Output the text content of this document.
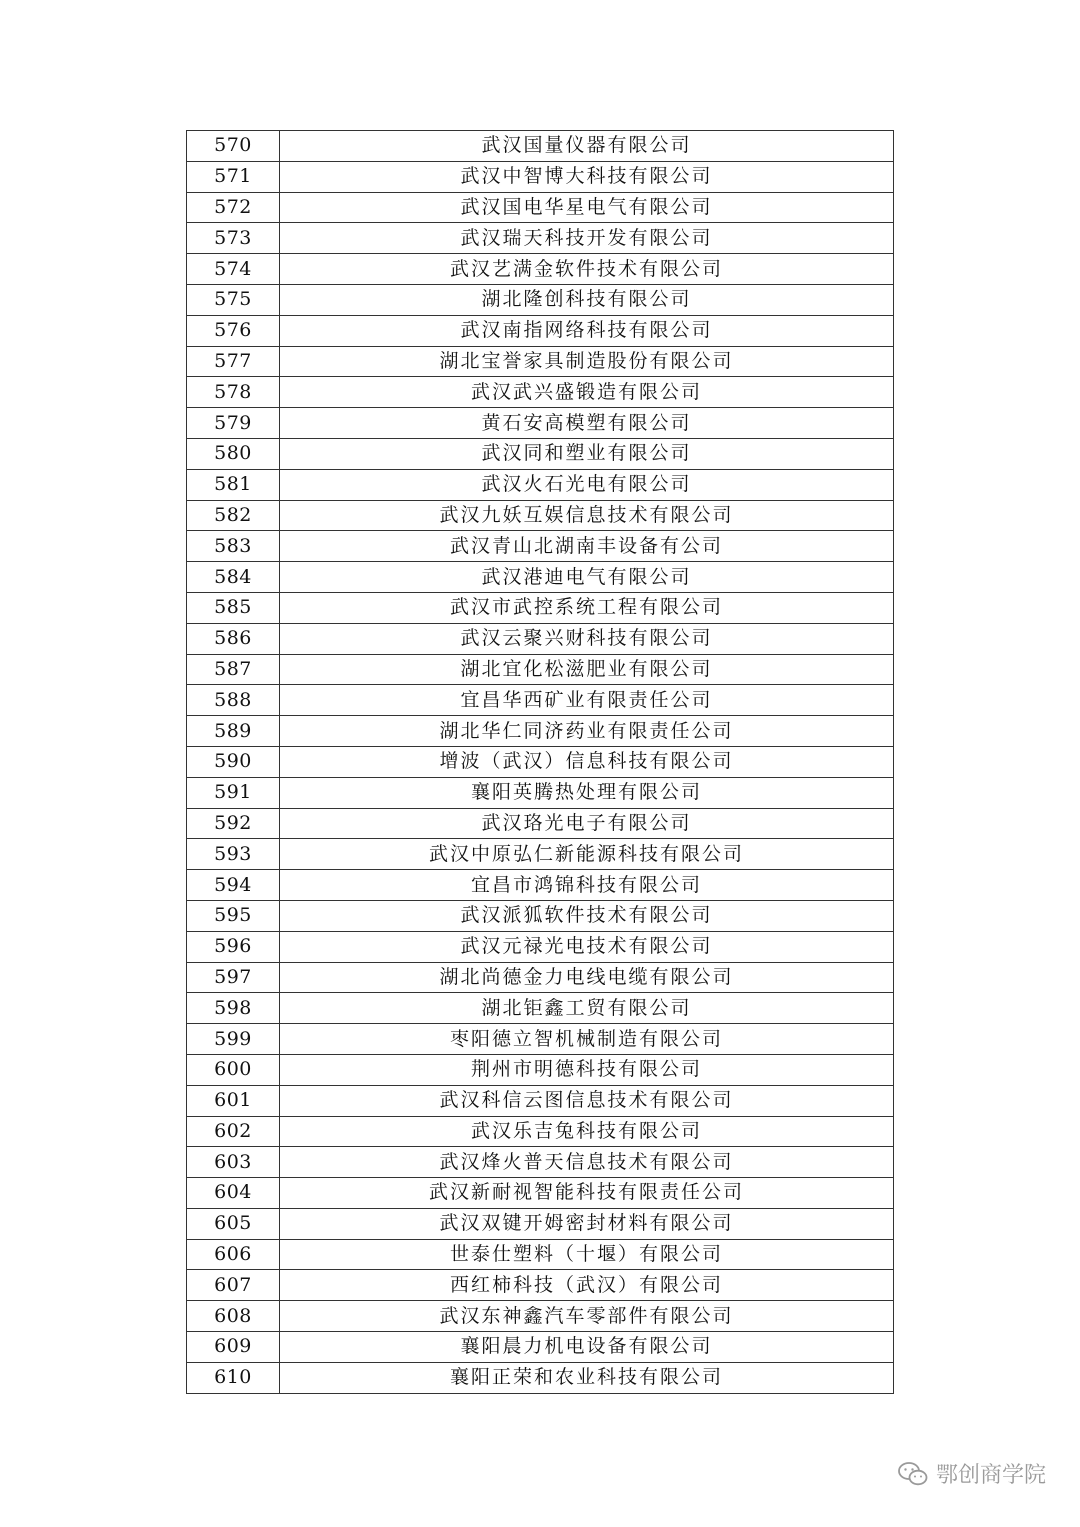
570	武汉国量仪器有限公司
571	武汉中智博大科技有限公司
572	武汉国电华星电气有限公司
573	武汉瑞天科技开发有限公司
574	武汉艺满金软件技术有限公司
575	湖北隆创科技有限公司
576	武汉南指网络科技有限公司
577	湖北宝誉家具制造股份有限公司
578	武汉武兴盛锻造有限公司
579	黄石安高模塑有限公司
580	武汉同和塑业有限公司
581	武汉火石光电有限公司
582	武汉九妖互娱信息技术有限公司
583	武汉青山北湖南丰设备有公司
584	武汉港迪电气有限公司
585	武汉市武控系统工程有限公司
586	武汉云聚兴财科技有限公司
587	湖北宜化松滋肥业有限公司
588	宜昌华西矿业有限责任公司
589	湖北华仁同济药业有限责任公司
590	增波（武汉）信息科技有限公司
591	襄阳英腾热处理有限公司
592	武汉珞光电子有限公司
593	武汉中原弘仁新能源科技有限公司
594	宜昌市鸿锦科技有限公司
595	武汉派狐软件技术有限公司
596	武汉元禄光电技术有限公司
597	湖北尚德金力电线电缆有限公司
598	湖北钜鑫工贸有限公司
599	枣阳德立智机械制造有限公司
600	荆州市明德科技有限公司
601	武汉科信云图信息技术有限公司
602	武汉乐吉兔科技有限公司
603	武汉烽火普天信息技术有限公司
604	武汉新耐视智能科技有限责任公司
605	武汉双键开姆密封材料有限公司
606	世泰仕塑料（十堰）有限公司
607	西红柿科技（武汉）有限公司
608	武汉东神鑫汽车零部件有限公司
609	襄阳晨力机电设备有限公司
610	襄阳正荣和农业科技有限公司
鄂创商学院
